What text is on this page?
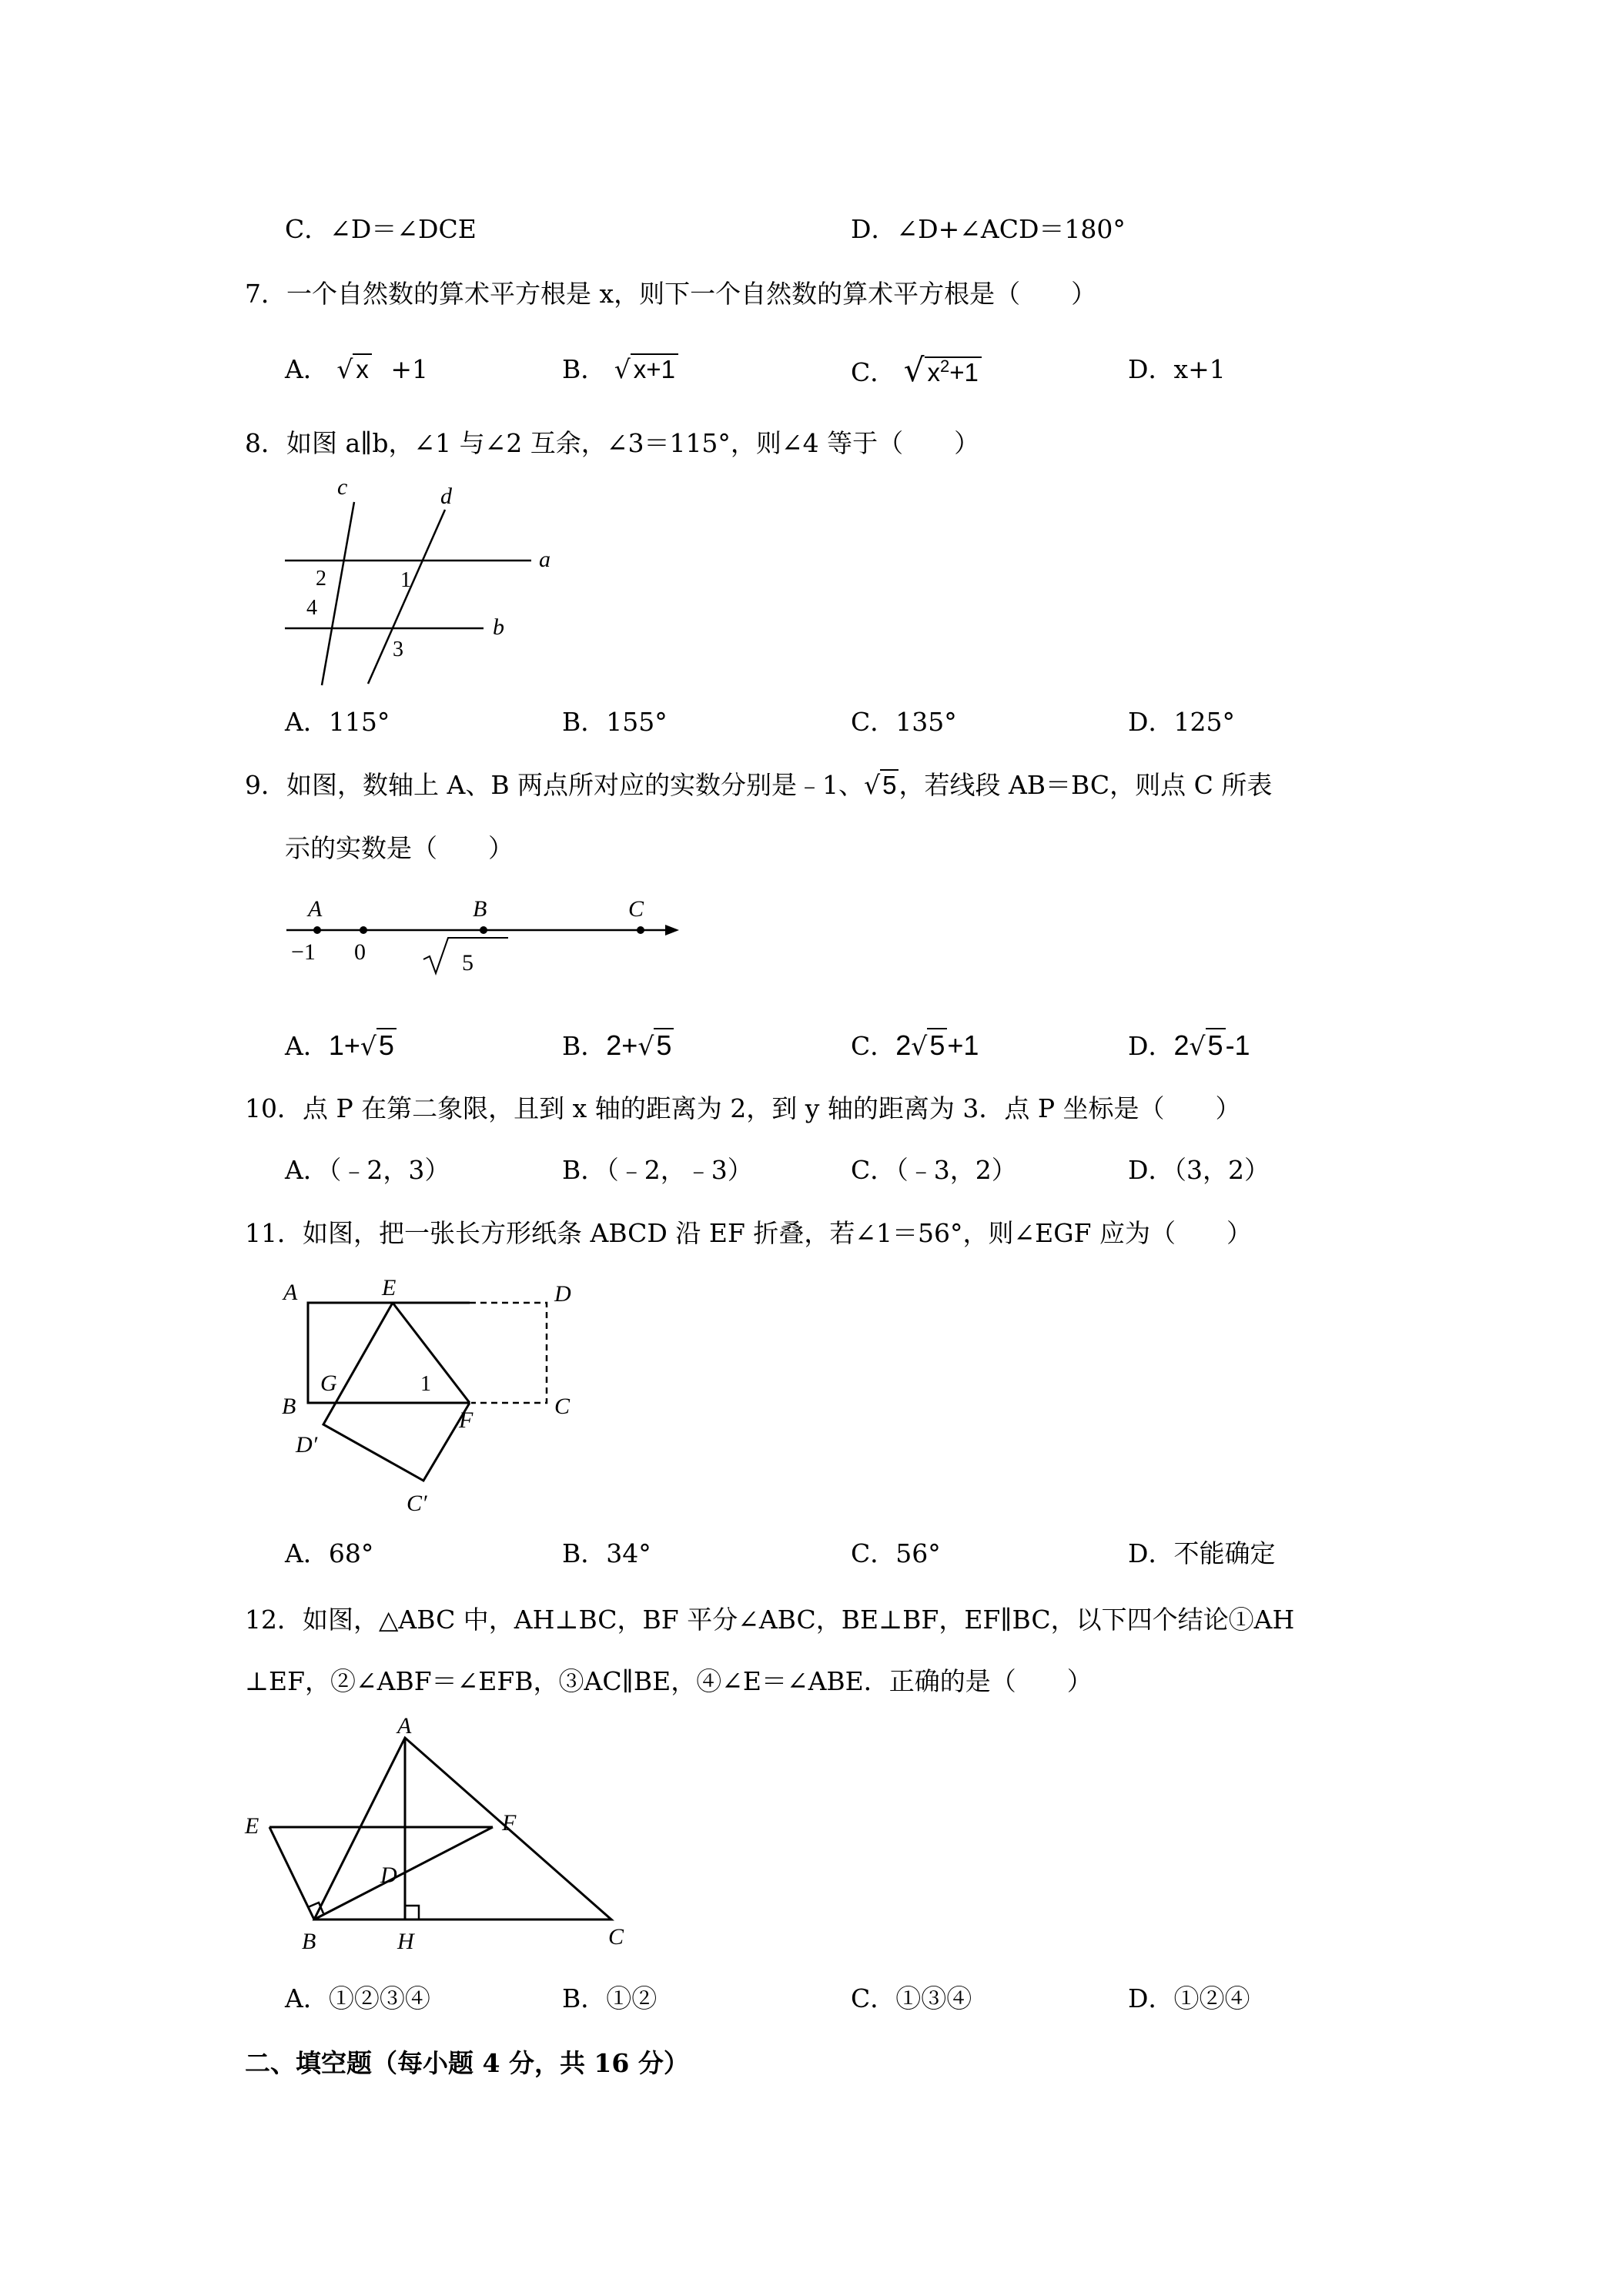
C．∠D＝∠DCE	D．∠D+∠ACD＝180°
7．一个自然数的算术平方根是 x，则下一个自然数的算术平方根是（　　）
A． √ x +1	B． √ x+1	C． √ $x^2+1$	D．x+1
8．如图 a∥b，∠1 与∠2 互余，∠3＝115°，则∠4 等于（　　）
c	d
a
b
1
2
4
3
A．115°	B．155°	C．135°	D．125°
9．如图，数轴上 A、B 两点所对应的实数分别是﹣1、√5，若线段 AB＝BC，则点 C 所表
示的实数是（　　）
A	B	C
−1 0	5
A．1+√5	B．2+√5	C．2√5+1	D．2√5-1
10．点 P 在第二象限，且到 x 轴的距离为 2，到 y 轴的距离为 3．点 P 坐标是（　　）
A．（﹣2，3）	B．（﹣2，﹣3）	C．（﹣3，2）	D．（3，2）
11．如图，把一张长方形纸条 ABCD 沿 EF 折叠，若∠1＝56°，则∠EGF 应为（　　）
A	E	D
B
G	1
F
C
D′
C′
A．68°	B．34°	C．56°	D．不能确定
12．如图，△ABC 中，AH⊥BC，BF 平分∠ABC，BE⊥BF，EF∥BC，以下四个结论①AH
⊥EF，②∠ABF＝∠EFB，③AC∥BE，④∠E＝∠ABE．正确的是（　　）
A
E	F
D
B	H	C
A．①②③④	B．①②	C．①③④	D．①②④
二、填空题（每小题 4 分，共 16 分）
